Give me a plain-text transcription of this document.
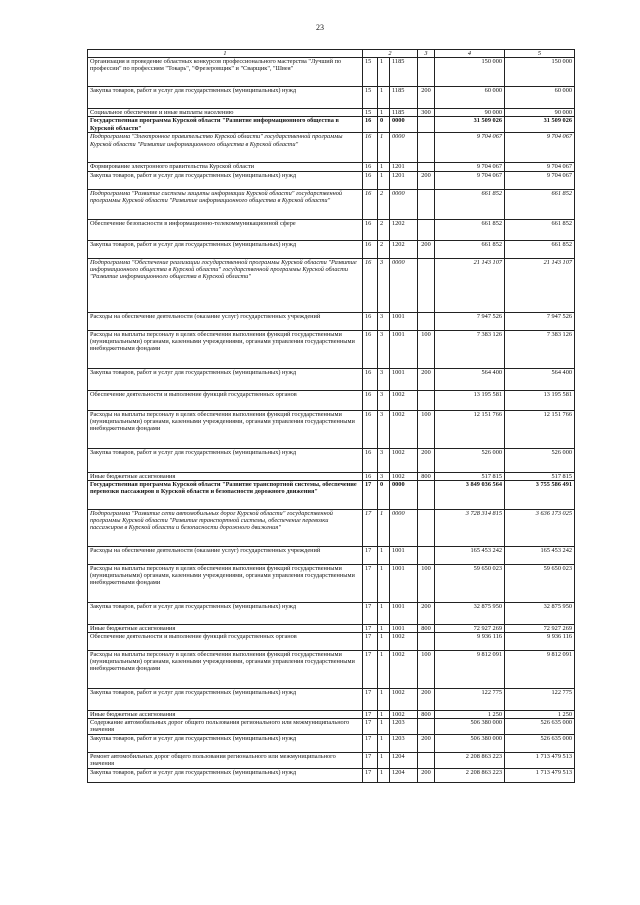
23
1	2			3	4	5
Организация и проведение областных конкурсов профессионального мастерства "Лучший по профессии" по профессиям "Токарь", "Фрезеровщик" и "Сварщик", "Швея"	15	1	1185		150 000	150 000
Закупка товаров, работ и услуг для государственных (муниципальных) нужд	15	1	1185	200	60 000	60 000
Социальное обеспечение и иные выплаты населению	15	1	1185	300	90 000	90 000
Государственная программа Курской области "Развитие информационного общества в Курской области"	16	0	0000		31 509 026	31 509 026
Подпрограмма "Электронное правительство Курской области" государственной программы Курской области "Развитие информационного общества в Курской области"	16	1	0000		9 704 067	9 704 067
Формирование электронного правительства Курской области	16	1	1201		9 704 067	9 704 067
Закупка товаров, работ и услуг для государственных (муниципальных) нужд	16	1	1201	200	9 704 067	9 704 067
Подпрограмма "Развитие системы защиты информации Курской области" государственной программы Курской области "Развитие информационного общества в Курской области"	16	2	0000		661 852	661 852
Обеспечение безопасности в информационно-телекоммуникационной сфере	16	2	1202		661 852	661 852
Закупка товаров, работ и услуг для государственных (муниципальных) нужд	16	2	1202	200	661 852	661 852
Подпрограмма "Обеспечение реализации государственной программы Курской области "Развитие информационного общества в Курской области" государственной программы Курской области "Развитие информационного общества в Курской области"	16	3	0000		21 143 107	21 143 107
Расходы на обеспечение деятельности (оказание услуг) государственных учреждений	16	3	1001		7 947 526	7 947 526
Расходы на выплаты персоналу в целях обеспечения выполнения функций государственными (муниципальными) органами, казенными учреждениями, органами управления государственными внебюджетными фондами	16	3	1001	100	7 383 126	7 383 126
Закупка товаров, работ и услуг для государственных (муниципальных) нужд	16	3	1001	200	564 400	564 400
Обеспечение деятельности и выполнение функций государственных органов	16	3	1002		13 195 581	13 195 581
Расходы на выплаты персоналу в целях обеспечения выполнения функций государственными (муниципальными) органами, казенными учреждениями, органами управления государственными внебюджетными фондами	16	3	1002	100	12 151 766	12 151 766
Закупка товаров, работ и услуг для государственных (муниципальных) нужд	16	3	1002	200	526 000	526 000
Иные бюджетные ассигнования	16	3	1002	800	517 815	517 815
Государственная программа Курской области "Развитие транспортной системы, обеспечение перевозки пассажиров в Курской области и безопасности дорожного движения"	17	0	0000		3 849 036 564	3 755 586 491
Подпрограмма "Развитие сети автомобильных дорог Курской области" государственной программы Курской области "Развитие транспортной системы, обеспечение перевозки пассажиров в Курской области и безопасности дорожного движения"	17	1	0000		3 728 314 815	3 636 173 025
Расходы на обеспечение деятельности (оказание услуг) государственных учреждений	17	1	1001		165 453 242	165 453 242
Расходы на выплаты персоналу в целях обеспечения выполнения функций государственными (муниципальными) органами, казенными учреждениями, органами управления государственными внебюджетными фондами	17	1	1001	100	59 650 023	59 650 023
Закупка товаров, работ и услуг для государственных (муниципальных) нужд	17	1	1001	200	32 875 950	32 875 950
Иные бюджетные ассигнования	17	1	1001	800	72 927 269	72 927 269
Обеспечение деятельности и выполнение функций государственных органов	17	1	1002		9 936 116	9 936 116
Расходы на выплаты персоналу в целях обеспечения выполнения функций государственными (муниципальными) органами, казенными учреждениями, органами управления государственными внебюджетными фондами	17	1	1002	100	9 812 091	9 812 091
Закупка товаров, работ и услуг для государственных (муниципальных) нужд	17	1	1002	200	122 775	122 775
Иные бюджетные ассигнования	17	1	1002	800	1 250	1 250
Содержание автомобильных дорог общего пользования регионального или межмуниципального значения	17	1	1203		506 380 000	526 635 000
Закупка товаров, работ и услуг для государственных (муниципальных) нужд	17	1	1203	200	506 380 000	526 635 000
Ремонт автомобильных дорог общего пользования регионального или межмуниципального значения	17	1	1204		2 208 863 223	1 713 479 513
Закупка товаров, работ и услуг для государственных (муниципальных) нужд	17	1	1204	200	2 208 863 223	1 713 479 513
